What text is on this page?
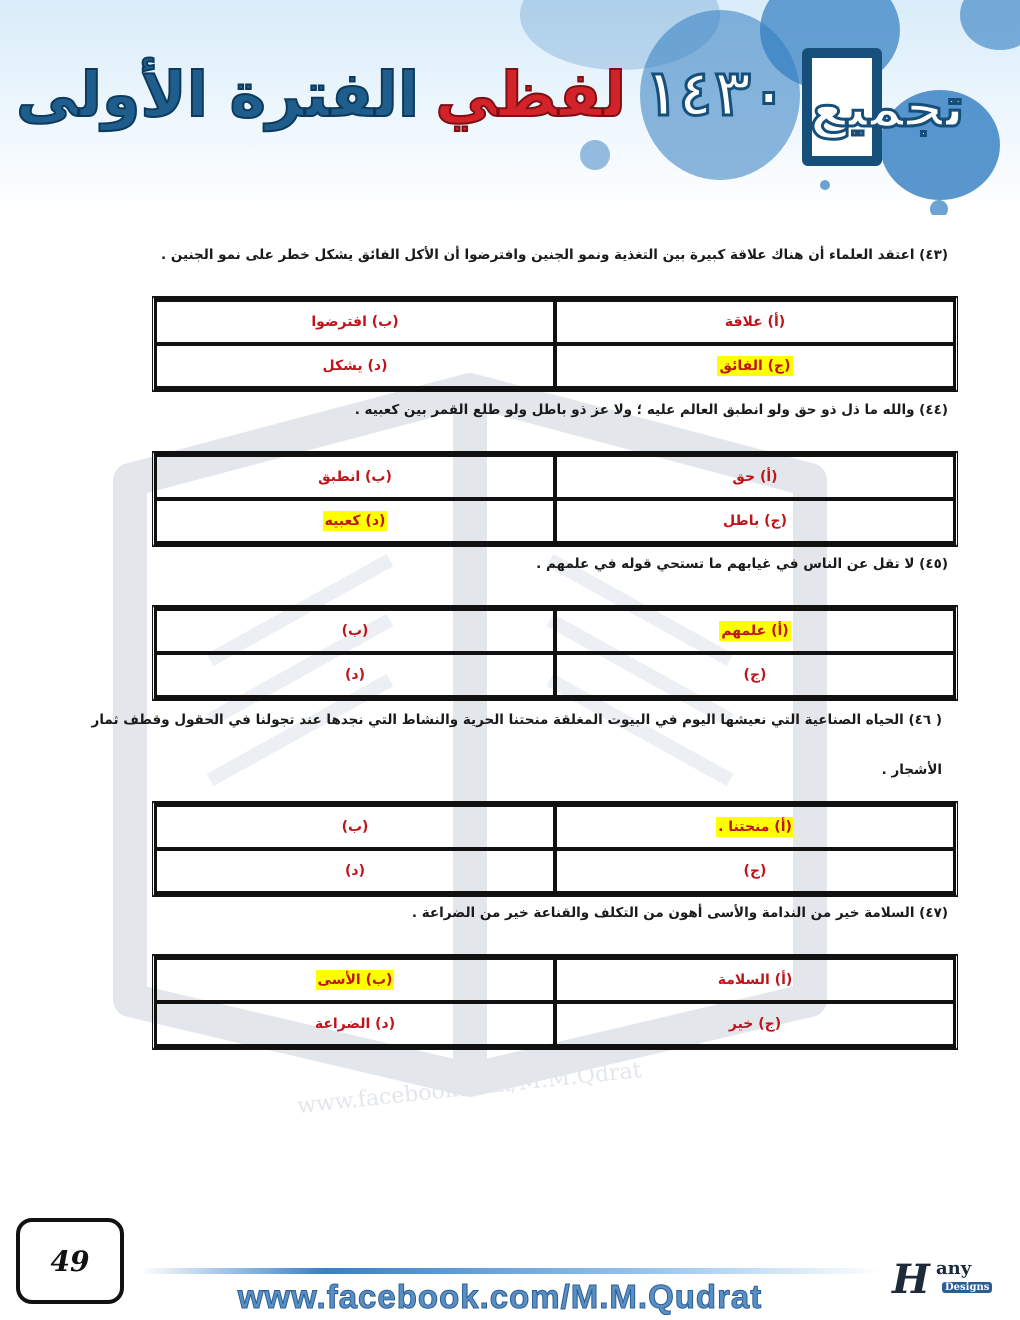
١٤٣٠
لفظي
الفترة الأولى	تجميع
www.facebook.com/M.M.Qdrat
(٤٣) اعتقد العلماء أن هناك علاقة كبيرة بين التغذية ونمو الجنين وافترضوا أن الأكل الفائق يشكل خطر على نمو الجنين .
(أ) علاقة	(ب) افترضوا
(ج) الفائق	(د) يشكل
(٤٤) والله ما ذل ذو حق ولو انطبق العالم عليه ؛ ولا عز ذو باطل ولو طلع القمر بين كعبيه .
(أ) حق	(ب) انطبق
(ج) باطل	(د) كعبيه
(٤٥) لا تقل عن الناس في غيابهم ما تستحي قوله في علمهم .
(أ) علمهم	(ب)
(ج)	(د)
( ٤٦) الحياه الصناعية التي نعيشها اليوم في البيوت المغلقة منحتنا الحرية والنشاط التي نجدها عند تجولنا في الحقول وقطف ثمار الأشجار .
(أ) منحتنا .	(ب)
(ج)	(د)
(٤٧) السلامة خير من الندامة والأسى أهون من التكلف والقناعة خير من الضراعة .
(أ) السلامة	(ب) الأسى
(ج) خير	(د) الضراعة
49
www.facebook.com/M.M.Qudrat	H any
Designs
